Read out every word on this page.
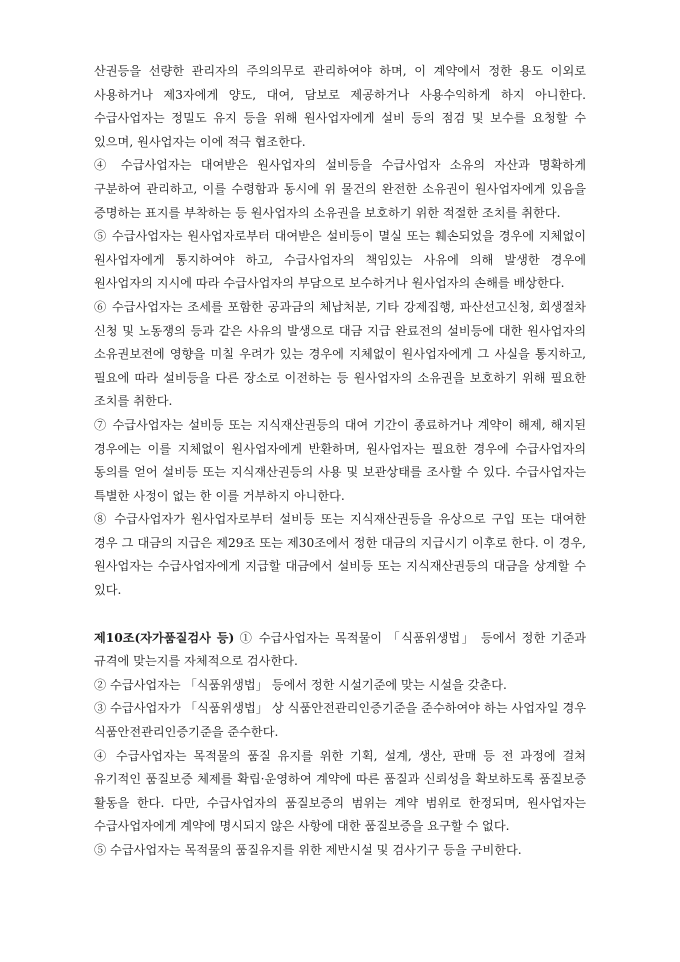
산권등을 선량한 관리자의 주의의무로 관리하여야 하며, 이 계약에서 정한 용도 이외로 사용하거나 제3자에게 양도, 대여, 담보로 제공하거나 사용수익하게 하지 아니한다. 수급사업자는 정밀도 유지 등을 위해 원사업자에게 설비 등의 점검 및 보수를 요청할 수 있으며, 원사업자는 이에 적극 협조한다.

④ 수급사업자는 대여받은 원사업자의 설비등을 수급사업자 소유의 자산과 명확하게 구분하여 관리하고, 이를 수령함과 동시에 위 물건의 완전한 소유권이 원사업자에게 있음을 증명하는 표지를 부착하는 등 원사업자의 소유권을 보호하기 위한 적절한 조치를 취한다.

⑤ 수급사업자는 원사업자로부터 대여받은 설비등이 멸실 또는 훼손되었을 경우에 지체없이 원사업자에게 통지하여야 하고, 수급사업자의 책임있는 사유에 의해 발생한 경우에 원사업자의 지시에 따라 수급사업자의 부담으로 보수하거나 원사업자의 손해를 배상한다.

⑥ 수급사업자는 조세를 포함한 공과금의 체납처분, 기타 강제집행, 파산선고신청, 회생절차 신청 및 노동쟁의 등과 같은 사유의 발생으로 대금 지급 완료전의 설비등에 대한 원사업자의 소유권보전에 영향을 미칠 우려가 있는 경우에 지체없이 원사업자에게 그 사실을 통지하고, 필요에 따라 설비등을 다른 장소로 이전하는 등 원사업자의 소유권을 보호하기 위해 필요한 조치를 취한다.

⑦ 수급사업자는 설비등 또는 지식재산권등의 대여 기간이 종료하거나 계약이 해제, 해지된 경우에는 이를 지체없이 원사업자에게 반환하며, 원사업자는 필요한 경우에 수급사업자의 동의를 얻어 설비등 또는 지식재산권등의 사용 및 보관상태를 조사할 수 있다. 수급사업자는 특별한 사정이 없는 한 이를 거부하지 아니한다.

⑧ 수급사업자가 원사업자로부터 설비등 또는 지식재산권등을 유상으로 구입 또는 대여한 경우 그 대금의 지급은 제29조 또는 제30조에서 정한 대금의 지급시기 이후로 한다. 이 경우, 원사업자는 수급사업자에게 지급할 대금에서 설비등 또는 지식재산권등의 대금을 상계할 수 있다.

제10조(자가품질검사 등) ① 수급사업자는 목적물이 「식품위생법」 등에서 정한 기준과 규격에 맞는지를 자체적으로 검사한다.

② 수급사업자는 「식품위생법」 등에서 정한 시설기준에 맞는 시설을 갖춘다.

③ 수급사업자가 「식품위생법」 상 식품안전관리인증기준을 준수하여야 하는 사업자일 경우 식품안전관리인증기준을 준수한다.

④ 수급사업자는 목적물의 품질 유지를 위한 기획, 설계, 생산, 판매 등 전 과정에 걸쳐 유기적인 품질보증 체제를 확립·운영하여 계약에 따른 품질과 신뢰성을 확보하도록 품질보증 활동을 한다. 다만, 수급사업자의 품질보증의 범위는 계약 범위로 한정되며, 원사업자는 수급사업자에게 계약에 명시되지 않은 사항에 대한 품질보증을 요구할 수 없다.

⑤ 수급사업자는 목적물의 품질유지를 위한 제반시설 및 검사기구 등을 구비한다.
